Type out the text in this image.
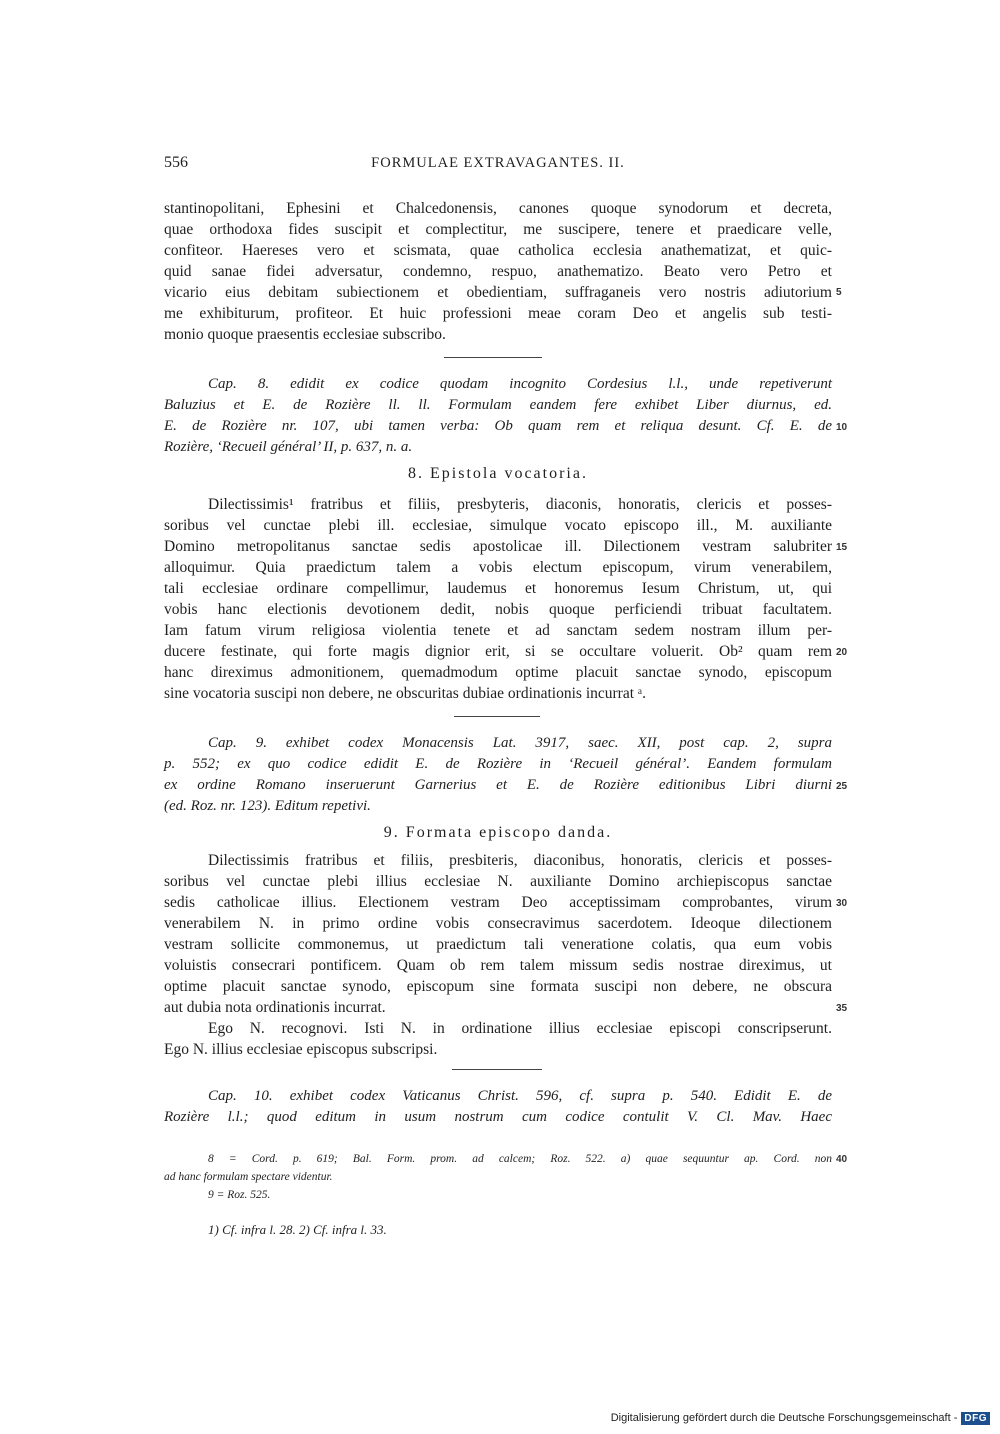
556	FORMULAE EXTRAVAGANTES. II.
stantinopolitani, Ephesini et Chalcedonensis, canones quoque synodorum et decreta,
quae orthodoxa fides suscipit et complectitur, me suscipere, tenere et praedicare velle,
confiteor. Haereses vero et scismata, quae catholica ecclesia anathematizat, et quic-
quid sanae fidei adversatur, condemno, respuo, anathematizo. Beato vero Petro et
vicario eius debitam subiectionem et obedientiam, suffraganeis vero nostris adiutorium
me exhibiturum, profiteor. Et huic professioni meae coram Deo et angelis sub testi-
monio quoque praesentis ecclesiae subscribo.
5
Cap. 8. edidit ex codice quodam incognito Cordesius l.l., unde repetiverunt
Baluzius et E. de Rozière ll. ll. Formulam eandem fere exhibet Liber diurnus, ed.
E. de Rozière nr. 107, ubi tamen verba: Ob quam rem et reliqua desunt. Cf. E. de
Rozière, ‘Recueil général’ II, p. 637, n. a.
10
8. Epistola vocatoria.
Dilectissimis¹ fratribus et filiis, presbyteris, diaconis, honoratis, clericis et posses-
soribus vel cunctae plebi ill. ecclesiae, simulque vocato episcopo ill., M. auxiliante
Domino metropolitanus sanctae sedis apostolicae ill. Dilectionem vestram salubriter
alloquimur. Quia praedictum talem a vobis electum episcopum, virum venerabilem,
tali ecclesiae ordinare compellimur, laudemus et honoremus Iesum Christum, ut, qui
vobis hanc electionis devotionem dedit, nobis quoque perficiendi tribuat facultatem.
Iam fatum virum religiosa violentia tenete et ad sanctam sedem nostram illum per-
ducere festinate, qui forte magis dignior erit, si se occultare voluerit. Ob² quam rem
hanc direximus admonitionem, quemadmodum optime placuit sanctae synodo, episcopum
sine vocatoria suscipi non debere, ne obscuritas dubiae ordinationis incurrat ᵃ.
15
20
Cap. 9. exhibet codex Monacensis Lat. 3917, saec. XII, post cap. 2, supra
p. 552; ex quo codice edidit E. de Rozière in ‘Recueil général’. Eandem formulam
ex ordine Romano inseruerunt Garnerius et E. de Rozière editionibus Libri diurni
(ed. Roz. nr. 123). Editum repetivi.
25
9. Formata episcopo danda.
Dilectissimis fratribus et filiis, presbiteris, diaconibus, honoratis, clericis et posses-
soribus vel cunctae plebi illius ecclesiae N. auxiliante Domino archiepiscopus sanctae
sedis catholicae illius. Electionem vestram Deo acceptissimam comprobantes, virum
venerabilem N. in primo ordine vobis consecravimus sacerdotem. Ideoque dilectionem
vestram sollicite commonemus, ut praedictum tali veneratione colatis, qua eum vobis
voluistis consecrari pontificem. Quam ob rem talem missum sedis nostrae direximus, ut
optime placuit sanctae synodo, episcopum sine formata suscipi non debere, ne obscura
aut dubia nota ordinationis incurrat.
Ego N. recognovi. Isti N. in ordinatione illius ecclesiae episcopi conscripserunt.
Ego N. illius ecclesiae episcopus subscripsi.
30
35
Cap. 10. exhibet codex Vaticanus Christ. 596, cf. supra p. 540. Edidit E. de
Rozière l.l.; quod editum in usum nostrum cum codice contulit V. Cl. Mav. Haec
8 = Cord. p. 619; Bal. Form. prom. ad calcem; Roz. 522. a) quae sequuntur ap. Cord. non
ad hanc formulam spectare videntur.
9 = Roz. 525.
1) Cf. infra l. 28. 2) Cf. infra l. 33.
40
Digitalisierung gefördert durch die Deutsche Forschungsgemeinschaft - DFG
